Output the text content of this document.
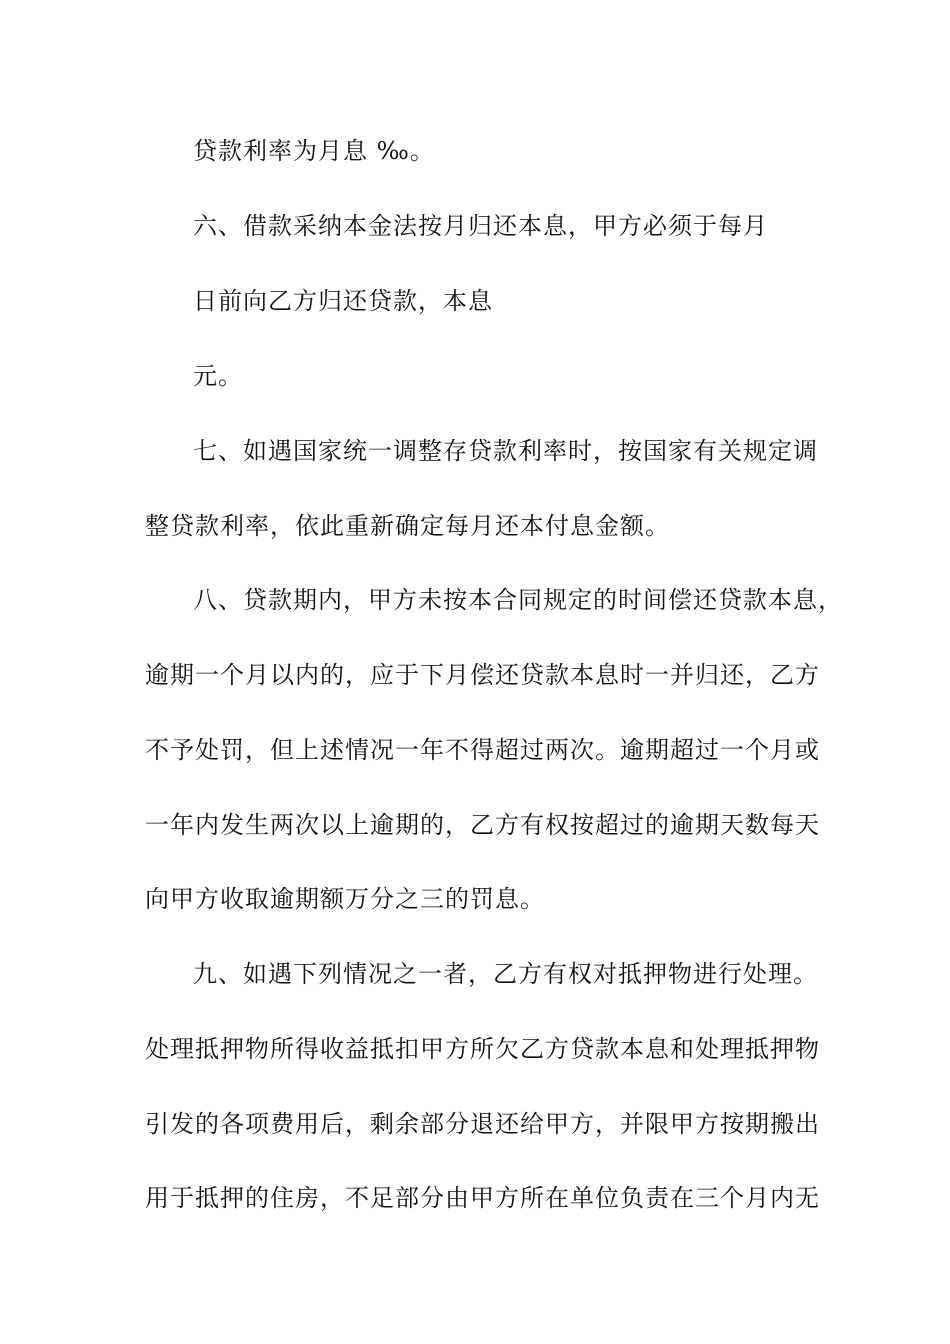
贷款利率为月息 ‰。
六、借款采纳本金法按月归还本息，甲方必须于每月
日前向乙方归还贷款，本息
元。
七、如遇国家统一调整存贷款利率时，按国家有关规定调
整贷款利率，依此重新确定每月还本付息金额。
八、贷款期内，甲方未按本合同规定的时间偿还贷款本息，
逾期一个月以内的，应于下月偿还贷款本息时一并归还，乙方
不予处罚，但上述情况一年不得超过两次。逾期超过一个月或
一年内发生两次以上逾期的，乙方有权按超过的逾期天数每天
向甲方收取逾期额万分之三的罚息。
九、如遇下列情况之一者，乙方有权对抵押物进行处理。
处理抵押物所得收益抵扣甲方所欠乙方贷款本息和处理抵押物
引发的各项费用后，剩余部分退还给甲方，并限甲方按期搬出
用于抵押的住房，不足部分由甲方所在单位负责在三个月内无
